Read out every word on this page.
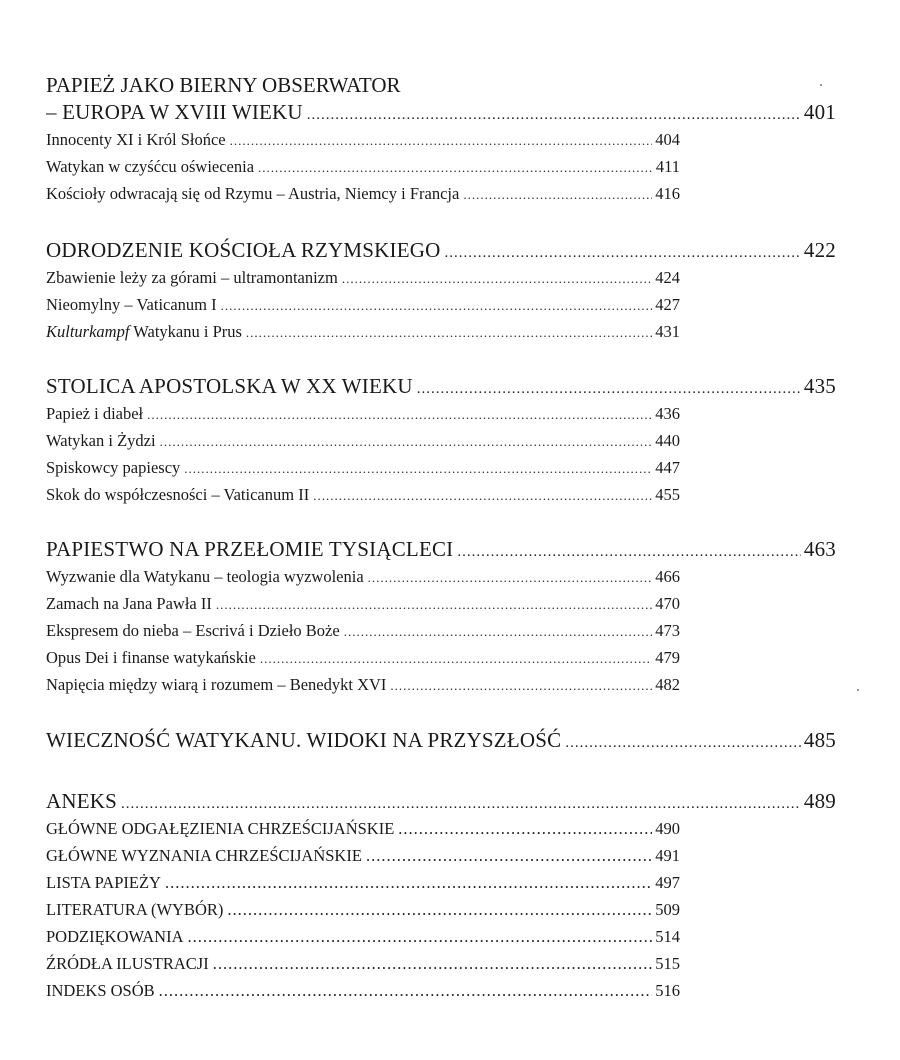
PAPIEŻ JAKO BIERNY OBSERWATOR
– EUROPA W XVIII WIEKU .....	401
Innocenty XI i Król Słońce .....	404
Watykan w czyśćcu oświecenia .....	411
Kościoły odwracają się od Rzymu – Austria, Niemcy i Francja .....	416
ODRODZENIE KOŚCIOŁA RZYMSKIEGO .....	422
Zbawienie leży za górami – ultramontanizm .....	424
Nieomylny – Vaticanum I .....	427
Kulturkampf Watykanu i Prus .....	431
STOLICA APOSTOLSKA W XX WIEKU .....	435
Papież i diabeł .....	436
Watykan i Żydzi .....	440
Spiskowcy papiescy .....	447
Skok do współczesności – Vaticanum II .....	455
PAPIESTWO NA PRZEŁOMIE TYSIĄCLECI .....	463
Wyzwanie dla Watykanu – teologia wyzwolenia .....	466
Zamach na Jana Pawła II .....	470
Ekspresem do nieba – Escrivá i Dzieło Boże .....	473
Opus Dei i finanse watykańskie .....	479
Napięcia między wiarą i rozumem – Benedykt XVI .....	482
WIECZNOŚĆ WATYKANU. WIDOKI NA PRZYSZŁOŚĆ .....	485
ANEKS .....	489
GŁÓWNE ODGAŁĘZIENIA CHRZEŚCIJAŃSKIE .....	490
GŁÓWNE WYZNANIA CHRZEŚCIJAŃSKIE .....	491
LISTA PAPIEŻY .....	497
LITERATURA (WYBÓR) .....	509
PODZIĘKOWANIA .....	514
ŹRÓDŁA ILUSTRACJI .....	515
INDEKS OSÓB .....	516
